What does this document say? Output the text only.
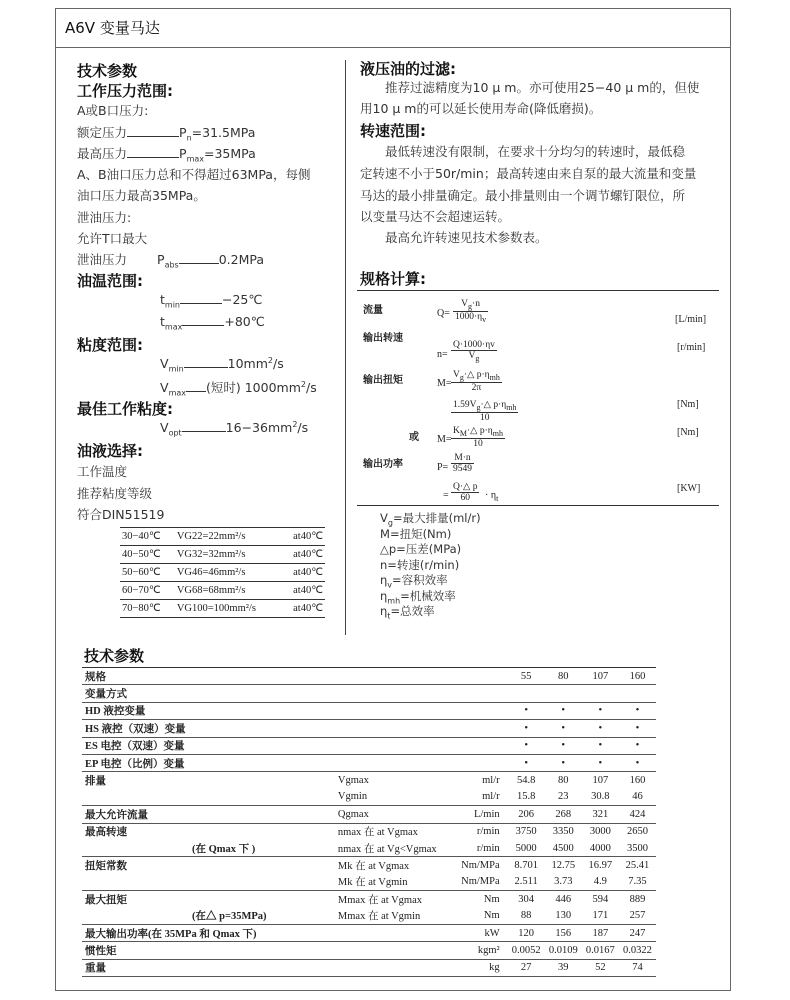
A6V 变量马达
技术参数
工作压力范围:
A或B口压力:
额定压力	$P_n=31.5MPa$
最高压力	$P_{max}=35MPa$
A、B油口压力总和不得超过63MPa，每侧
油口压力最高35MPa。
泄油压力:
允许T口最大
泄油压力 $P_{abs}$	0.2MPa
油温范围:
$t_{min}$	−25℃
$t_{max}$	+80℃
粘度范围:
$V_{min}$	$10mm^2/s$
$V_{max}$ (短时) $1000mm^2/s$
最佳工作粘度:
$V_{opt}$	$16-36mm^2/s$
油液选择:
工作温度
推荐粘度等级
符合DIN51519
30−40℃	VG22=22mm²/s	at40℃
40−50℃	VG32=32mm²/s	at40℃
50−60℃	VG46=46mm²/s	at40℃
60−70℃	VG68=68mm²/s	at40℃
70−80℃	VG100=100mm²/s	at40℃
液压油的过滤:
推荐过滤精度为10 μ m。亦可使用25−40 μ m的，但使
用10 μ m的可以延长使用寿命(降低磨损)。
转速范围:
最低转速没有限制，在要求十分均匀的转速时，最低稳
定转速不小于50r/min；最高转速由来自泵的最大流量和变量
马达的最小排量确定。最小排量则由一个调节螺钉限位，所
以变量马达不会超速运转。
最高允许转速见技术参数表。
规格计算:
流量	$Q= \frac{V_g\cdot n}{1000\cdot\eta_v}$	[L/min]
输出转速
$n= \frac{Q\cdot 1000\cdot\eta v}{V_g}$	[r/min]
输出扭矩	M=
$V_g\cdot\triangle$ $p\cdot\eta_{mh}$
2π
$1.59V_g\cdot\triangle$ $p\cdot\eta_{mh}$
10
[Nm]
或 M=
$K_M\cdot\triangle$ $p\cdot\eta_{mh}$
10
[Nm]
输出功率	$P= \frac{M\cdot n}{9549}$
= $\frac{Q\cdot\triangle p}{60} \cdot \eta_t$
[KW]
$V_g=$最大排量(ml/r)
M=扭矩(Nm)
△p=压差(MPa)
n=转速(r/min)
$\eta_v=$容积效率
$\eta_{mh}=$机械效率
$\eta_t=$总效率
技术参数
规格			55	80	107	160
变量方式						
HD 液控变量			•	•	•	•
HS 液控（双速）变量			•	•	•	•
ES 电控（双速）变量			•	•	•	•
EP 电控（比例）变量			•	•	•	•
排量	Vgmax	ml/r	54.8	80	107	160
	Vgmin	ml/r	15.8	23	30.8	46
最大允许流量	Qgmax	L/min	206	268	321	424
最高转速	nmax 在 at Vgmax	r/min	3750	3350	3000	2650
(在 Qmax 下 )	nmax 在 at Vg<Vgmax	r/min	5000	4500	4000	3500
扭矩常数	Mk 在 at Vgmax	Nm/MPa	8.701	12.75	16.97	25.41
	Mk 在 at Vgmin	Nm/MPa	2.511	3.73	4.9	7.35
最大扭矩	Mmax 在 at Vgmax	Nm	304	446	594	889
(在△ p=35MPa)	Mmax 在 at Vgmin	Nm	88	130	171	257
最大输出功率(在 35MPa 和 Qmax 下)		kW	120	156	187	247
惯性矩		kgm²	0.0052	0.0109	0.0167	0.0322
重量		kg	27	39	52	74
